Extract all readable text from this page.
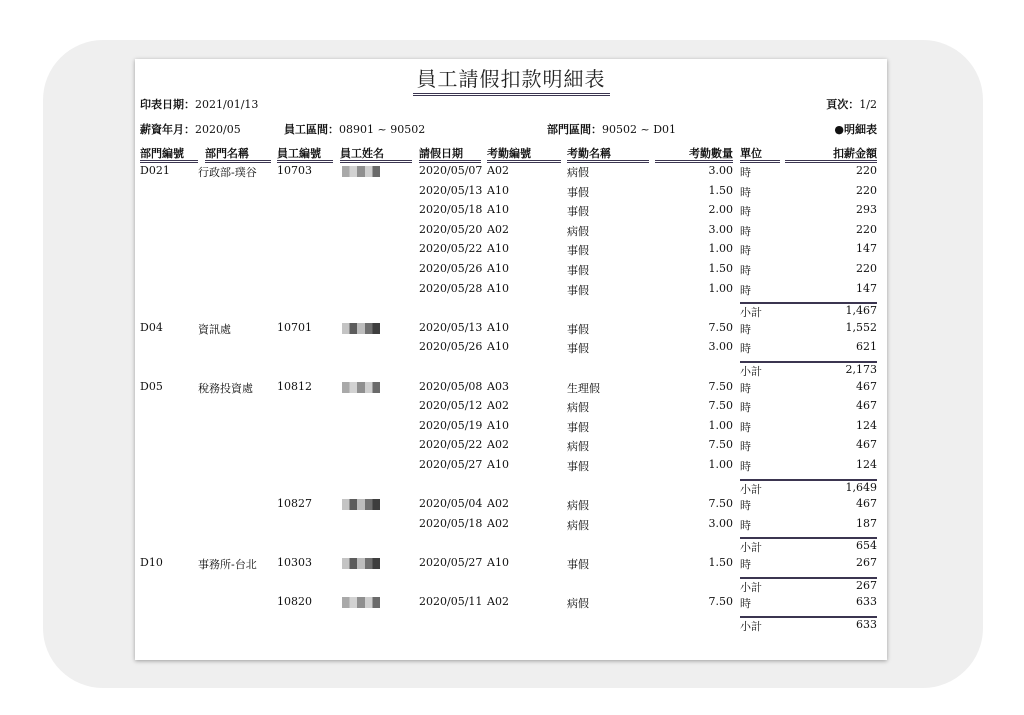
員工請假扣款明細表
印表日期：2021/01/13	頁次：1/2
薪資年月：2020/05	員工區間：08901 ~ 90502	部門區間：90502 ~ D01	●明細表
部門編號 部門名稱	員工編號 員工姓名	請假日期 考勤編號	考勤名稱	考勤數量 單位	扣薪金額
D021	行政部-璞谷 10703	2020/05/07 A02	病假	3.00 時	220
2020/05/13 A10	事假	1.50 時	220
2020/05/18 A10	事假	2.00 時	293
2020/05/20 A02	病假	3.00 時	220
2020/05/22 A10	事假	1.00 時	147
2020/05/26 A10	事假	1.50 時	220
2020/05/28 A10	事假	1.00 時	147
小計	1,467
D04	資訊處	10701	2020/05/13 A10	事假	7.50 時	1,552
2020/05/26 A10	事假	3.00 時	621
小計	2,173
D05	稅務投資處 10812	2020/05/08 A03	生理假	7.50 時	467
2020/05/12 A02	病假	7.50 時	467
2020/05/19 A10	事假	1.00 時	124
2020/05/22 A02	病假	7.50 時	467
2020/05/27 A10	事假	1.00 時	124
小計	1,649
10827	2020/05/04 A02	病假	7.50 時	467
2020/05/18 A02	病假	3.00 時	187
小計	654
D10	事務所-台北 10303	2020/05/27 A10	事假	1.50 時	267
小計	267
10820	2020/05/11 A02	病假	7.50 時	633
小計	633
